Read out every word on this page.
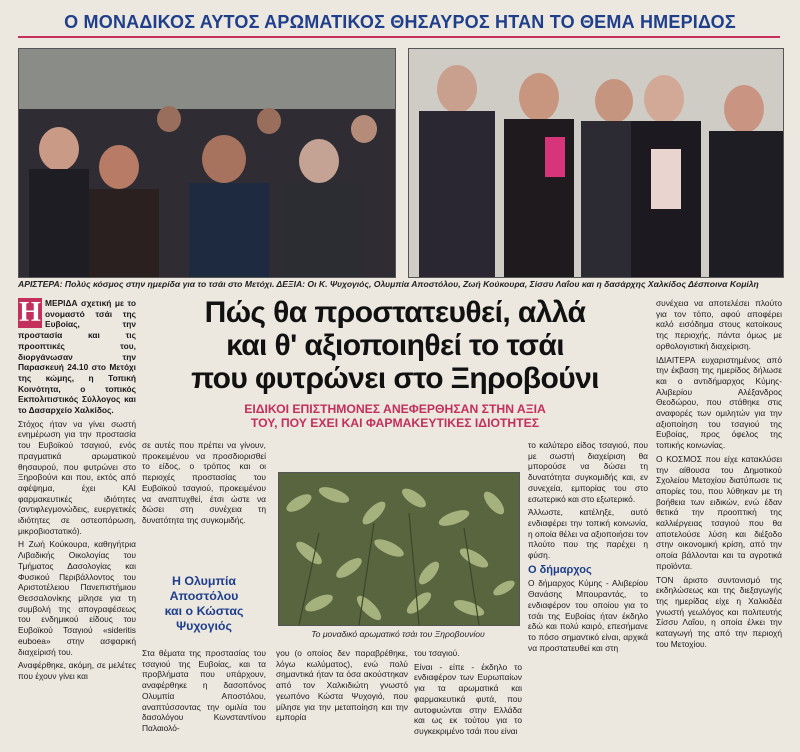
Ο ΜΟΝΑΔΙΚΟΣ ΑΥΤΟΣ ΑΡΩΜΑΤΙΚΟΣ ΘΗΣΑΥΡΟΣ ΗΤΑΝ ΤΟ ΘΕΜΑ ΗΜΕΡΙΔΟΣ
ΑΡΙΣΤΕΡΑ: Πολύς κόσμος στην ημερίδα για το τσάι στο Μετόχι. ΔΕΞΙΑ: Οι Κ. Ψυχογιός, Ολυμπία Αποστόλου, Ζωή Κούκουρα, Σίσσυ Λαΐου και η δασάρχης Χαλκίδος Δέσποινα Κομίλη
Η ΜΕΡΙΔΑ σχετική με το ονομαστό τσάι της Ευβοίας, την προστασία και τις προοπτικές του, διοργάνωσαν την Παρασκευή 24.10 στο Μετόχι της κώμης, η Τοπική Κοινότητα, ο τοπικός Εκπολιτιστικός Σύλλογος και το Δασαρχείο Χαλκίδος.

Στόχος ήταν να γίνει σωστή ενημέρωση για την προστασία του Ευβοϊκού τσαγιού, ενός πραγματικά αρωματικού θησαυρού, που φυτρώνει στο Ξηροβούνι και που, εκτός από αφέψημα, έχει ΚΑΙ φαρμακευτικές ιδιότητες (αντιφλεγμονώδεις, ευεργετικές ιδιότητες σε οστεοπόρωση, μικροβιοστατικό).

Η Ζωή Κούκουρα, καθηγήτρια Λιβαδικής Οικολογίας του Τμήματος Δασολογίας και Φυσικού Περιβάλλοντος του Αριστοτέλειου Πανεπιστήμιου Θεσσαλονίκης μίλησε για τη συμβολή της απογραφέσεως του ενδημικού είδους του Ευβοϊκού Τσαγιού «sideritis euboea» στην ασφαρική διαχείρισή του.

Αναφέρθηκε, ακόμη, σε μελέτες που έχουν γίνει και

Πώς θα προστατευθεί, αλλά
και θ' αξιοποιηθεί το τσάι
που φυτρώνει στο Ξηροβούνι
ΕΙΔΙΚΟΙ ΕΠΙΣΤΗΜΟΝΕΣ ΑΝΕΦΕΡΘΗΣΑΝ ΣΤΗΝ ΑΞΙΑ
ΤΟΥ, ΠΟΥ ΕΧΕΙ ΚΑΙ ΦΑΡΜΑΚΕΥΤΙΚΕΣ ΙΔΙΟΤΗΤΕΣ

σε αυτές που πρέπει να γίνουν, προκειμένου να προσδιορισθεί το είδος, ο τρόπος και οι περιοχές προστασίας του Ευβοϊκού τσαγιού, προκειμένου να αναπτυχθεί, έτσι ώστε να δώσει στη συνέχεια τη δυνατότητα της συγκομιδής.

Η Ολυμπία
Αποστόλου
και ο Κώστας
Ψυχογιός

Στα θέματα της προστασίας του τσαγιού της Ευβοίας, και τα προβλήματα που υπάρχουν, αναφέρθηκε η δασοπόνος Ολυμπία Αποστόλου, αναπτύσσοντας την ομιλία του δασολόγου Κωνσταντίνου Παλαιολό-

Το μοναδικό αρωματικό τσάι του Ξηροβουνίου

γου (ο οποίος δεν παραβρέθηκε, λόγω κωλύματος), ενώ πολύ σημαντικά ήταν τα όσα ακούστηκαν από τον Χαλκιδιώτη γνωστό γεωπόνο Κώστα Ψυχογιό, που μίλησε για την μεταποίηση και την εμπορία

του τσαγιού.

Είναι - είπε - έκδηλο το ενδιαφέρον των Ευρωπαίων για τα αρωματικά και φαρμακευτικά φυτά, που αυτοφυώνται στην Ελλάδα και ως εκ τούτου για το συγκεκριμένο τσάι που είναι

το καλύτερο είδος τσαγιού, που με σωστή διαχείριση θα μπορούσε να δώσει τη δυνατότητα συγκομιδής και, εν συνεχεία, εμπορίας του στο εσωτερικό και στο εξωτερικό.

Άλλωστε, κατέληξε, αυτό ενδιαφέρει την τοπική κοινωνία, η οποία θέλει να αξιοποιήσει τον πλούτο που της παρέχει η φύση.

Ο δήμαρχος

Ο δήμαρχος Κύμης - Αλιβερίου Θανάσης Μπουραντάς, το ενδιαφέρον του οποίου για το τσάι της Ευβοίας ήταν έκδηλο εδώ και πολύ καιρό, επεσήμανε το πόσο σημαντικό είναι, αρχικά να προστατευθεί και στη

συνέχεια να αποτελέσει πλούτο για τον τόπο, αφού αποφέρει καλό εισόδημα στους κατοίκους της περιοχής, πάντα όμως με ορθολογιστική διαχείριση.

ΙΔΙΑΙΤΕΡΑ ευχαριστημένος από την έκβαση της ημερίδος δήλωσε και ο αντιδήμαρχος Κύμης-Αλιβερίου Αλέξανδρος Θεοδώρου, που στάθηκε στις αναφορές των ομιλητών για την αξιοποίηση του τσαγιού της Ευβοίας, προς όφελος της τοπικής κοινωνίας.

Ο ΚΟΣΜΟΣ που είχε κατακλύσει την αίθουσα του Δημοτικού Σχολείου Μετοχίου διατύπωσε τις απορίες του, που λύθηκαν με τη βοήθεια των ειδικών, ενώ έδαν θετικά την προοπτική της καλλιέργειας τσαγιού που θα αποτελούσε λύση και διέξοδο στην οικονομική κρίση, από την οποία βάλλονται και τα αγροτικά προϊόντα.

ΤΟΝ άριστο συντονισμό της εκδηλώσεως και της διεξαγωγής της ημερίδας είχε η Χαλκιδέα γνωστή γεωλόγος και πολιτευτής Σίσσυ Λαΐου, η οποία έλκει την καταγωγή της από την περιοχή του Μετοχίου.
